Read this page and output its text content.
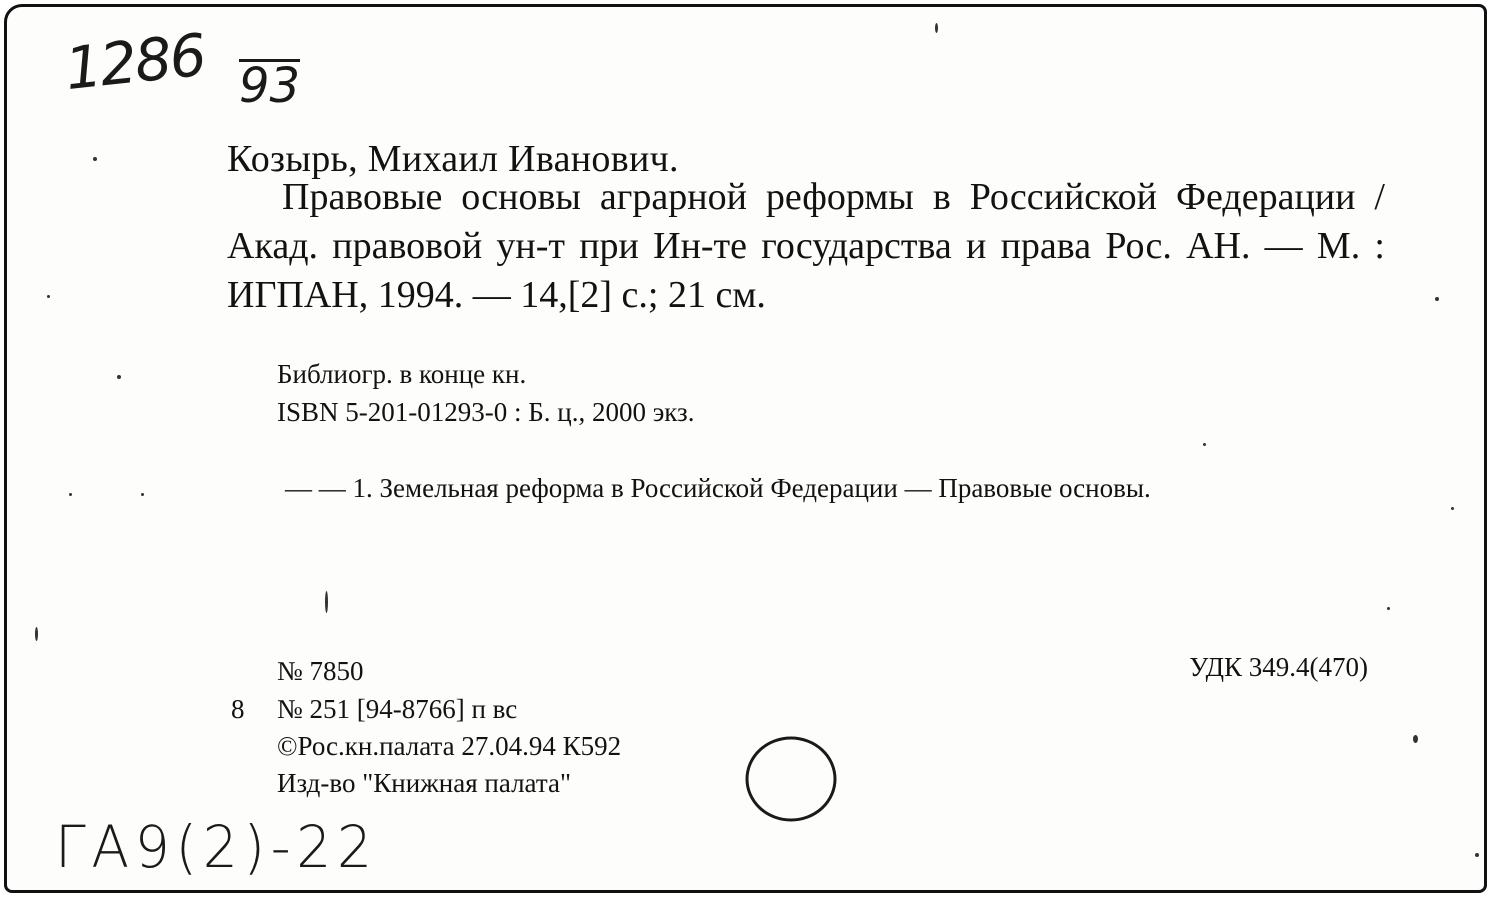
1286 93
Козырь, Михаил Иванович.
Правовые основы аграрной реформы в Российской Федерации / Акад. правовой ун-т при Ин-те государства и права Рос. АН. — М. : ИГПАН, 1994. — 14,[2] с.; 21 см.
Библиогр. в конце кн.
ISBN 5-201-01293-0 : Б. ц., 2000 экз.
— — 1. Земельная реформа в Российской Федерации — Правовые основы.
№ 7850	УДК 349.4(470)
8 № 251 [94-8766] п вс
©Рос.кн.палата 27.04.94 К592
Изд-во "Книжная палата"
ГА9(2)-22
